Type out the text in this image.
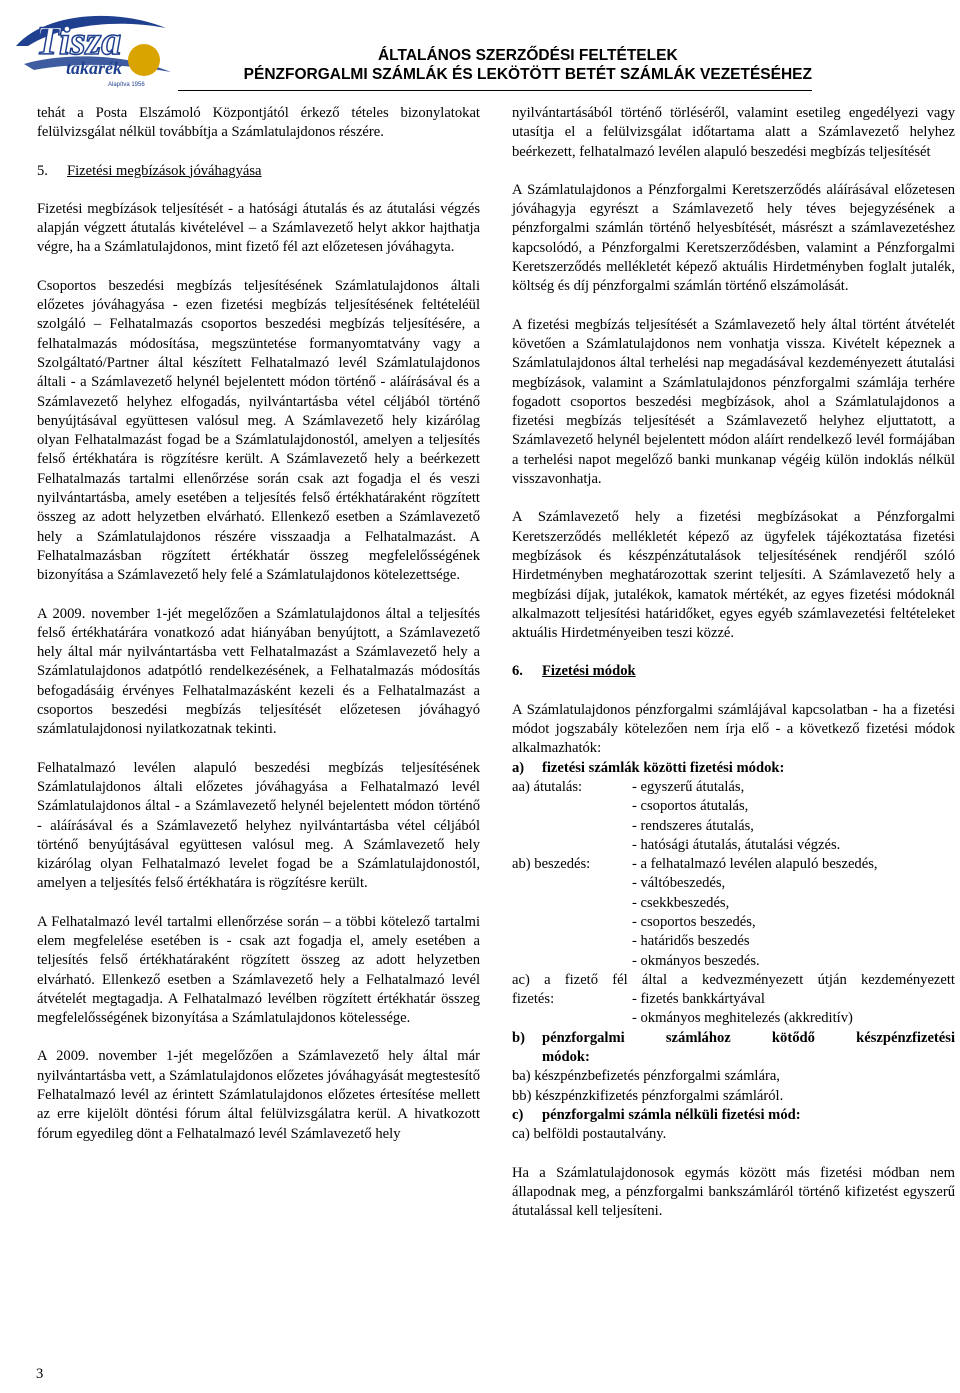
Tisza
takarék
Alapítva 1956
ÁLTALÁNOS SZERZŐDÉSI FELTÉTELEK
PÉNZFORGALMI SZÁMLÁK ÉS LEKÖTÖTT BETÉT SZÁMLÁK VEZETÉSÉHEZ

tehát a Posta Elszámoló Központjától érkező tételes bizonylatokat felülvizsgálat nélkül továbbítja a Számlatulajdonos részére.

5. Fizetési megbízások jóváhagyása

Fizetési megbízások teljesítését - a hatósági átutalás és az átutalási végzés alapján végzett átutalás kivételével – a Számlavezető helyt akkor hajthatja végre, ha a Számlatulajdonos, mint fizető fél azt előzetesen jóváhagyta.

Csoportos beszedési megbízás teljesítésének Számlatulajdonos általi előzetes jóváhagyása - ezen fizetési megbízás teljesítésének feltételéül szolgáló – Felhatalmazás csoportos beszedési megbízás teljesítésére, a felhatalmazás módosítása, megszüntetése formanyomtatvány vagy a Szolgáltató/Partner által készített Felhatalmazó levél Számlatulajdonos általi - a Számlavezető helynél bejelentett módon történő - aláírásával és a Számlavezető helyhez elfogadás, nyilvántartásba vétel céljából történő benyújtásával együttesen valósul meg. A Számlavezető hely kizárólag olyan Felhatalmazást fogad be a Számlatulajdonostól, amelyen a teljesítés felső értékhatára is rögzítésre került. A Számlavezető hely a beérkezett Felhatalmazás tartalmi ellenőrzése során csak azt fogadja el és veszi nyilvántartásba, amely esetében a teljesítés felső értékhatáraként rögzített összeg az adott helyzetben elvárható. Ellenkező esetben a Számlavezető hely a Számlatulajdonos részére visszaadja a Felhatalmazást. A Felhatalmazásban rögzített értékhatár összeg megfelelősségének bizonyítása a Számlavezető hely felé a Számlatulajdonos kötelezettsége.

A 2009. november 1-jét megelőzően a Számlatulajdonos által a teljesítés felső értékhatárára vonatkozó adat hiányában benyújtott, a Számlavezető hely által már nyilvántartásba vett Felhatalmazást a Számlavezető hely a Számlatulajdonos adatpótló rendelkezésének, a Felhatalmazás módosítás befogadásáig érvényes Felhatalmazásként kezeli és a Felhatalmazást a csoportos beszedési megbízás teljesítését előzetesen jóváhagyó számlatulajdonosi nyilatkozatnak tekinti.

Felhatalmazó levélen alapuló beszedési megbízás teljesítésének Számlatulajdonos általi előzetes jóváhagyása a Felhatalmazó levél Számlatulajdonos által - a Számlavezető helynél bejelentett módon történő - aláírásával és a Számlavezető helyhez nyilvántartásba vétel céljából történő benyújtásával együttesen valósul meg. A Számlavezető hely kizárólag olyan Felhatalmazó levelet fogad be a Számlatulajdonostól, amelyen a teljesítés felső értékhatára is rögzítésre került.

A Felhatalmazó levél tartalmi ellenőrzése során – a többi kötelező tartalmi elem megfelelése esetében is - csak azt fogadja el, amely esetében a teljesítés felső értékhatáraként rögzített összeg az adott helyzetben elvárható. Ellenkező esetben a Számlavezető hely a Felhatalmazó levél átvételét megtagadja. A Felhatalmazó levélben rögzített értékhatár összeg megfelelősségének bizonyítása a Számlatulajdonos kötelessége.

A 2009. november 1-jét megelőzően a Számlavezető hely által már nyilvántartásba vett, a Számlatulajdonos előzetes jóváhagyását megtestesítő Felhatalmazó levél az érintett Számlatulajdonos előzetes értesítése mellett az erre kijelölt döntési fórum által felülvizsgálatra kerül. A hivatkozott fórum egyedileg dönt a Felhatalmazó levél Számlavezető hely

nyilvántartásából történő törléséről, valamint esetileg engedélyezi vagy utasítja el a felülvizsgálat időtartama alatt a Számlavezető helyhez beérkezett, felhatalmazó levélen alapuló beszedési megbízás teljesítését

A Számlatulajdonos a Pénzforgalmi Keretszerződés aláírásával előzetesen jóváhagyja egyrészt a Számlavezető hely téves bejegyzésének a pénzforgalmi számlán történő helyesbítését, másrészt a számlavezetéshez kapcsolódó, a Pénzforgalmi Keretszerződésben, valamint a Pénzforgalmi Keretszerződés mellékletét képező aktuális Hirdetményben foglalt jutalék, költség és díj pénzforgalmi számlán történő elszámolását.

A fizetési megbízás teljesítését a Számlavezető hely által történt átvételét követően a Számlatulajdonos nem vonhatja vissza. Kivételt képeznek a Számlatulajdonos által terhelési nap megadásával kezdeményezett átutalási megbízások, valamint a Számlatulajdonos pénzforgalmi számlája terhére fogadott csoportos beszedési megbízások, ahol a Számlatulajdonos a fizetési megbízás teljesítését a Számlavezető helyhez eljuttatott, a Számlavezető helynél bejelentett módon aláírt rendelkező levél formájában a terhelési napot megelőző banki munkanap végéig külön indoklás nélkül visszavonhatja.

A Számlavezető hely a fizetési megbízásokat a Pénzforgalmi Keretszerződés mellékletét képező az ügyfelek tájékoztatása fizetési megbízások és készpénzátutalások teljesítésének rendjéről szóló Hirdetményben meghatározottak szerint teljesíti. A Számlavezető hely a megbízási díjak, jutalékok, kamatok mértékét, az egyes fizetési módoknál alkalmazott teljesítési határidőket, egyes egyéb számlavezetési feltételeket aktuális Hirdetményeiben teszi közzé.

6. Fizetési módok

A Számlatulajdonos pénzforgalmi számlájával kapcsolatban - ha a fizetési módot jogszabály kötelezően nem írja elő - a következő fizetési módok alkalmazhatók:

a)	fizetési számlák közötti fizetési módok:
aa) átutalás:	- egyszerű átutalás,
- csoportos átutalás,
- rendszeres átutalás,
- hatósági átutalás, átutalási végzés.
ab) beszedés:	- a felhatalmazó levélen alapuló beszedés,
- váltóbeszedés,
- csekkbeszedés,
- csoportos beszedés,
- határidős beszedés
- okmányos beszedés.
ac) a fizető fél által a kedvezményezett útján kezdeményezett
fizetés:	- fizetés bankkártyával
- okmányos meghitelezés (akkreditív)
b)	pénzforgalmi számlához kötődő készpénzfizetési
módok:
ba) készpénzbefizetés pénzforgalmi számlára,
bb) készpénzkifizetés pénzforgalmi számláról.
c)	pénzforgalmi számla nélküli fizetési mód:

ca) belföldi postautalvány.

Ha a Számlatulajdonosok egymás között más fizetési módban nem állapodnak meg, a pénzforgalmi bankszámláról történő kifizetést egyszerű átutalással kell teljesíteni.

3
